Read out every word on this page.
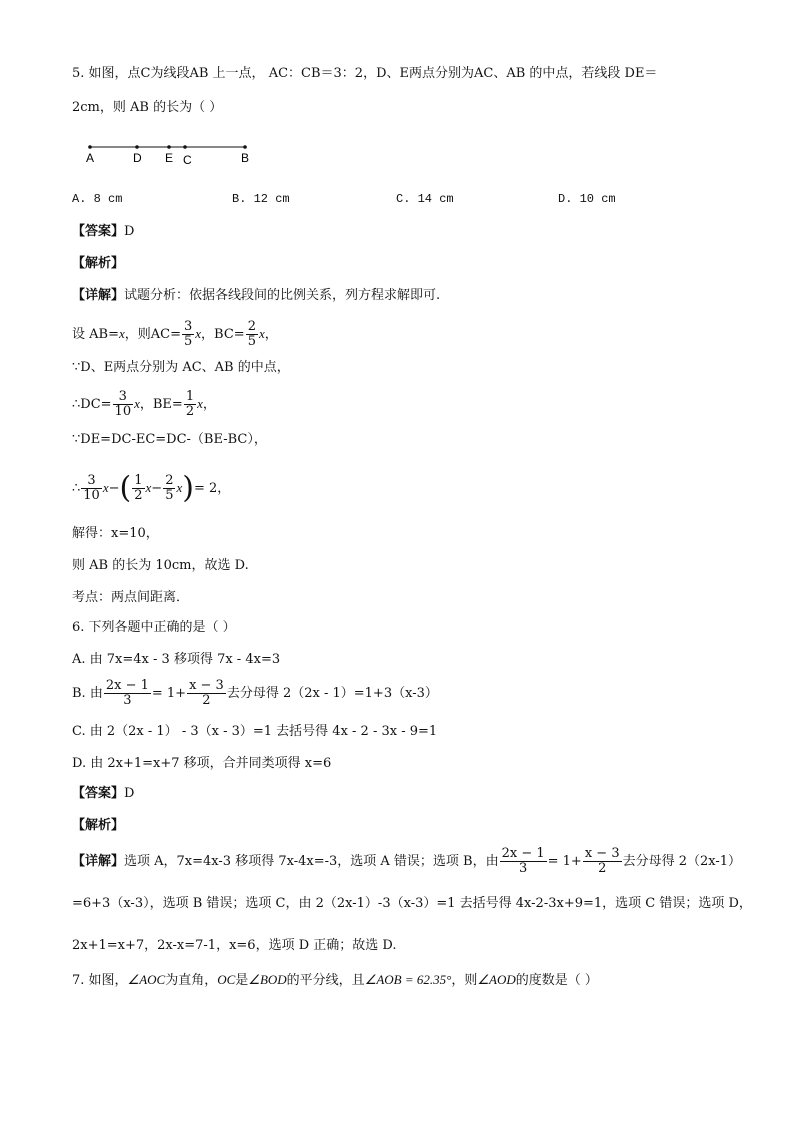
5. 如图，点C为线段AB 上一点， AC：CB＝3：2，D、E两点分别为AC、AB 的中点，若线段 DE＝
2cm，则 AB 的长为（ ）
A	D E C	B
A. 8 cm	B. 12 cm	C. 14 cm	D. 10 cm
【答案】D
【解析】
【详解】试题分析：依据各线段间的比例关系，列方程求解即可.
设 AB=x，则$AC= \frac{3}{5}$ x，$BC= \frac{2}{5}$ x，
∵D、E两点分别为 AC、AB 的中点，
∴DC= $\frac{3}{10}$ x，$BE= \frac{1}{2}$ x，
∵DE=DC-EC=DC-（BE-BC），
∴ $\frac{3}{10} x-( \frac{1}{2} x- \frac{2}{5} x)= 2$，
解得：x=10，
则 AB 的长为 10cm，故选 D.
考点：两点间距离．
6. 下列各题中正确的是（ ）
A. 由 7x=4x - 3 移项得 7x - 4x=3
B. 由 $\frac{2x - 1}{3} = 1+ \frac{x - 3}{2}$ 去分母得 2（2x - 1）=1+3（x-3）
C. 由 2（2x - 1） - 3（x - 3）=1 去括号得 4x - 2 - 3x - 9=1
D. 由 2x+1=x+7 移项，合并同类项得 x=6
【答案】D
【解析】
【详解】选项 A，7x=4x-3 移项得 7x-4x=-3，选项 A 错误；选项 B，由 $\frac{2x - 1}{3} = 1+ \frac{x - 3}{2}$ 去分母得 2（2x-1）
=6+3（x-3），选项 B 错误；选项 C，由 2（2x-1）-3（x-3）=1 去括号得 4x-2-3x+9=1，选项 C 错误；选项 D，
2x+1=x+7，2x-x=7-1，x=6，选项 D 正确；故选 D.
7. 如图，∠AOC为直角，OC是∠BOD的平分线，且∠AOB = 62.35°，则∠AOD的度数是（ ）
